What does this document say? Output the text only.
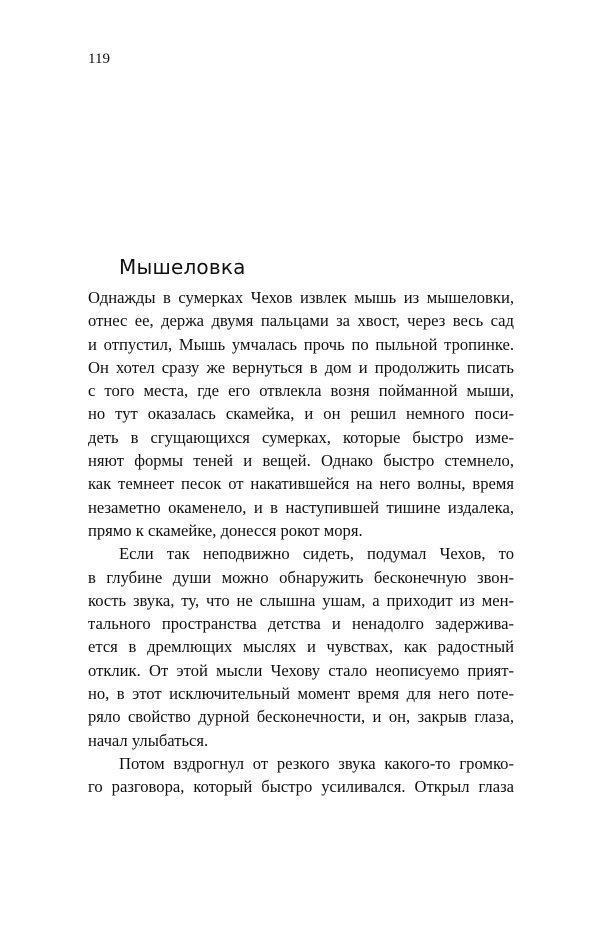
119
Мышеловка
Однажды в сумерках Чехов извлек мышь из мышеловки,
отнес ее, держа двумя пальцами за хвост, через весь сад
и отпустил, Мышь умчалась прочь по пыльной тропинке.
Он хотел сразу же вернуться в дом и продолжить писать
с того места, где его отвлекла возня пойманной мыши,
но тут оказалась скамейка, и он решил немного поси-
деть в сгущающихся сумерках, которые быстро изме-
няют формы теней и вещей. Однако быстро стемнело,
как темнеет песок от накатившейся на него волны, время
незаметно окаменело, и в наступившей тишине издалека,
прямо к скамейке, донесся рокот моря.
Если так неподвижно сидеть, подумал Чехов, то
в глубине души можно обнаружить бесконечную звон-
кость звука, ту, что не слышна ушам, а приходит из мен-
тального пространства детства и ненадолго задержива-
ется в дремлющих мыслях и чувствах, как радостный
отклик. От этой мысли Чехову стало неописуемо прият-
но, в этот исключительный момент время для него поте-
ряло свойство дурной бесконечности, и он, закрыв глаза,
начал улыбаться.
Потом вздрогнул от резкого звука какого-то громко-
го разговора, который быстро усиливался. Открыл глаза
